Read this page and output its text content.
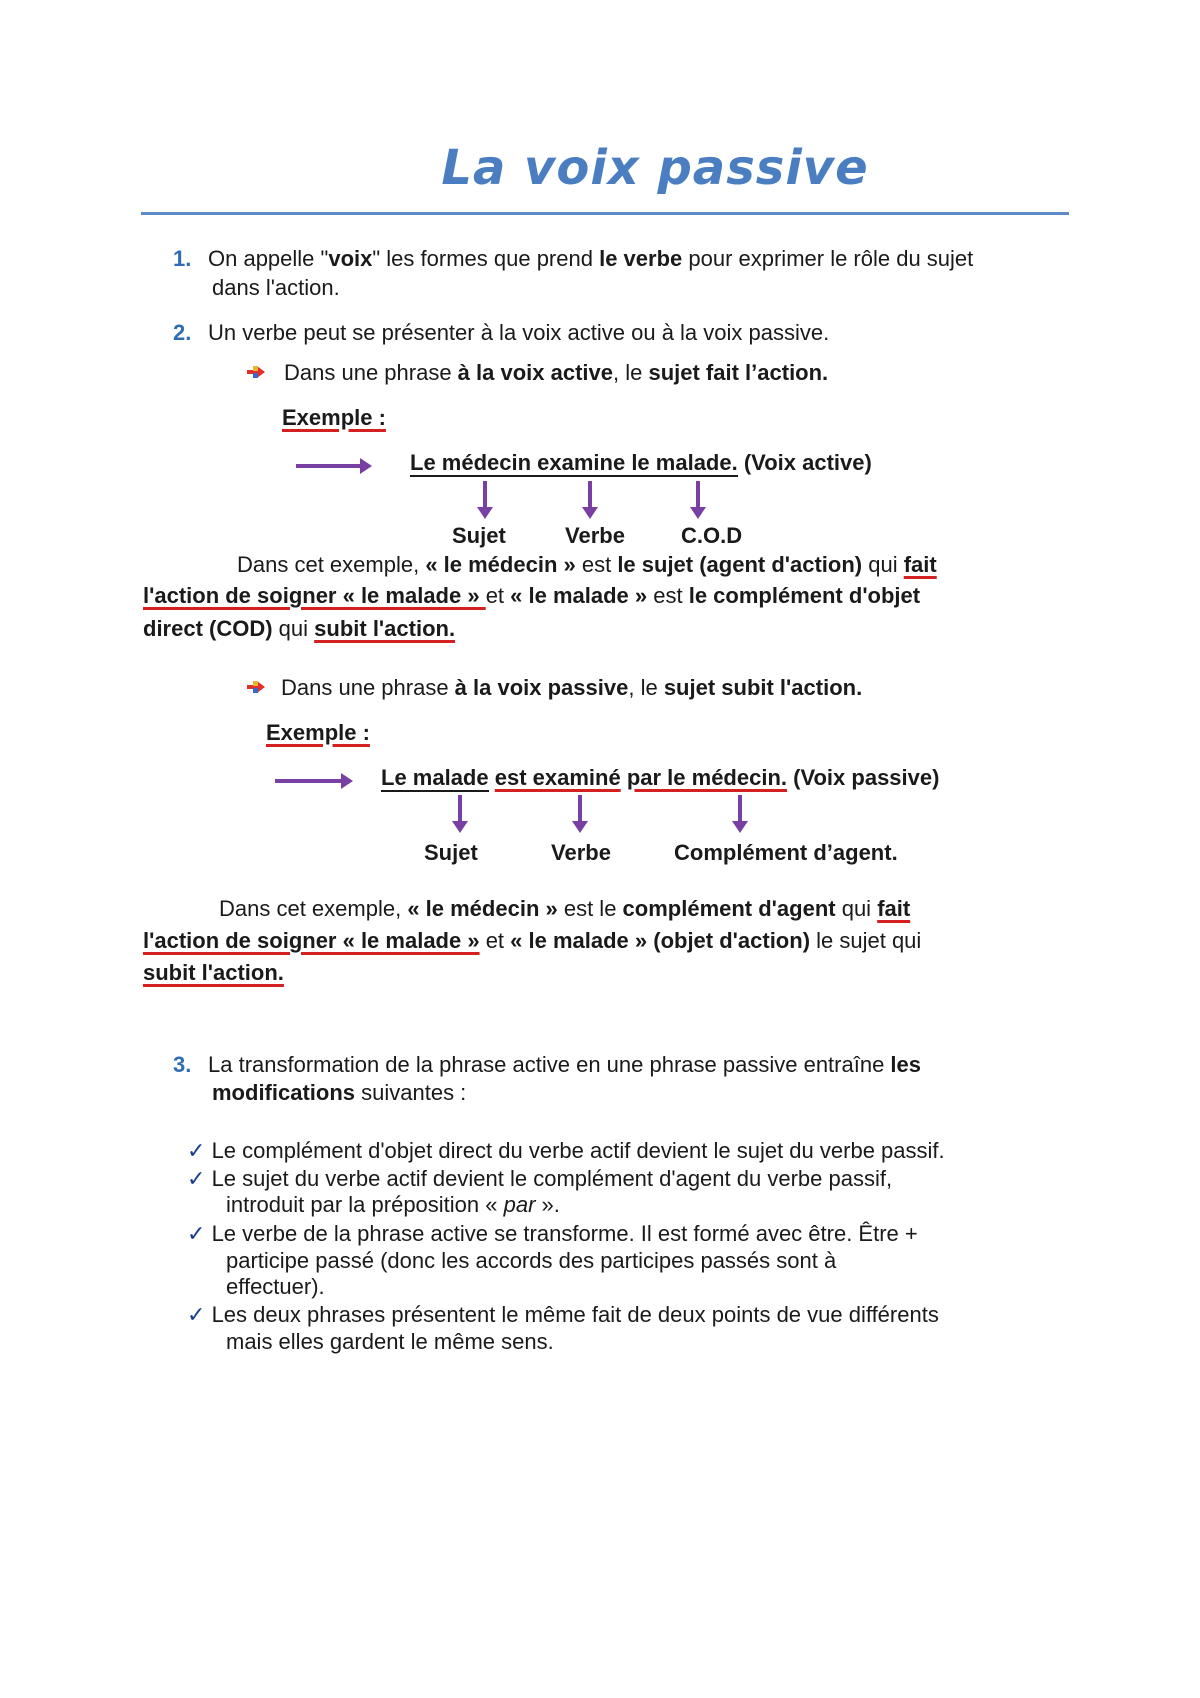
La voix passive
1. On appelle "voix" les formes que prend le verbe pour exprimer le rôle du sujet
dans l'action.
2. Un verbe peut se présenter à la voix active ou à la voix passive.
Dans une phrase à la voix active, le sujet fait l’action.
Exemple :
Le médecin examine le malade. (Voix active)
Sujet	Verbe	C.O.D
Dans cet exemple, « le médecin » est le sujet (agent d'action) qui fait
l'action de soigner « le malade » et « le malade » est le complément d'objet
direct (COD) qui subit l'action.
Dans une phrase à la voix passive, le sujet subit l'action.
Exemple :
Le malade est examiné par le médecin. (Voix passive)
Sujet	Verbe	Complément d’agent.
Dans cet exemple, « le médecin » est le complément d'agent qui fait
l'action de soigner « le malade » et « le malade » (objet d'action) le sujet qui
subit l'action.
3. La transformation de la phrase active en une phrase passive entraîne les
modifications suivantes :
✓ Le complément d'objet direct du verbe actif devient le sujet du verbe passif.
✓ Le sujet du verbe actif devient le complément d'agent du verbe passif,
introduit par la préposition « par ».
✓ Le verbe de la phrase active se transforme. Il est formé avec être. Être +
participe passé (donc les accords des participes passés sont à
effectuer).
✓ Les deux phrases présentent le même fait de deux points de vue différents
mais elles gardent le même sens.
